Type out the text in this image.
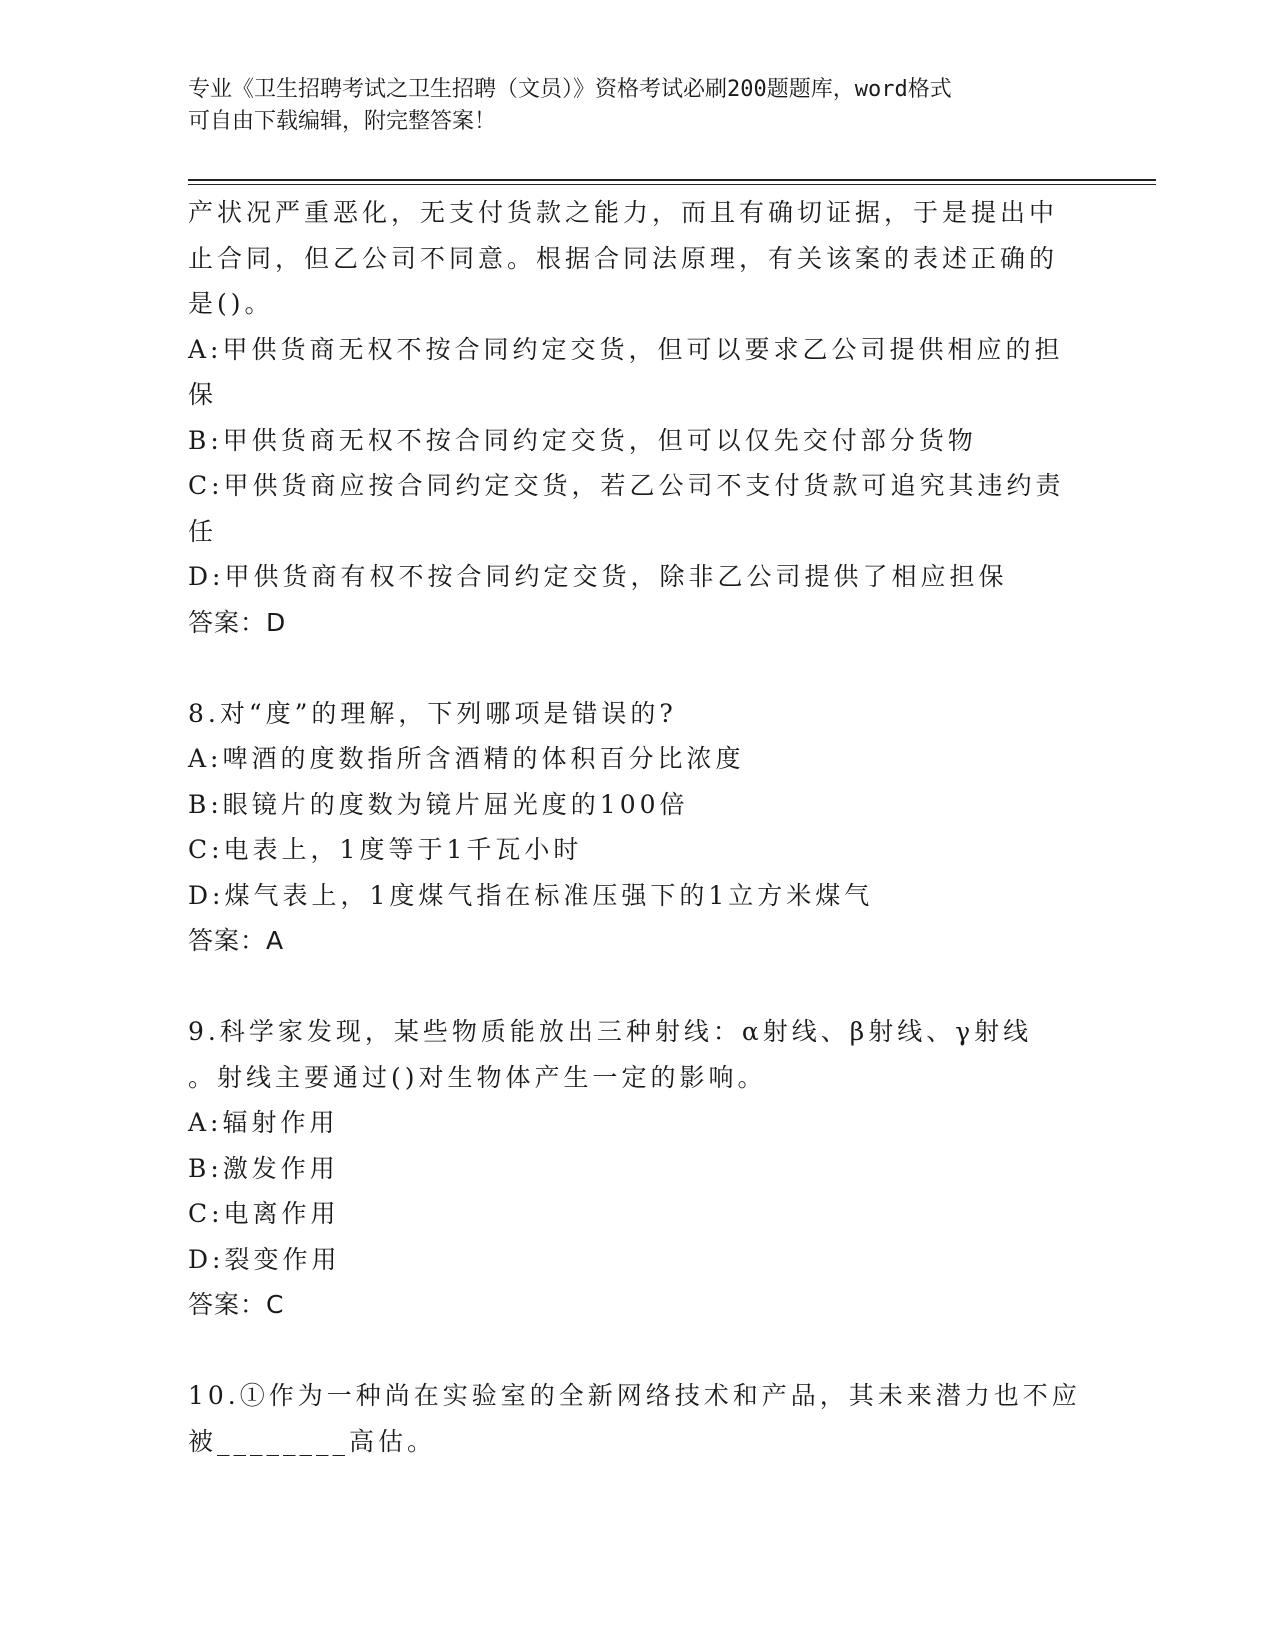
专业《卫生招聘考试之卫生招聘（文员）》资格考试必刷200题题库，word格式
可自由下载编辑，附完整答案！
产状况严重恶化，无支付货款之能力，而且有确切证据，于是提出中
止合同，但乙公司不同意。根据合同法原理，有关该案的表述正确的
是()。
A:甲供货商无权不按合同约定交货，但可以要求乙公司提供相应的担
保
B:甲供货商无权不按合同约定交货，但可以仅先交付部分货物
C:甲供货商应按合同约定交货，若乙公司不支付货款可追究其违约责
任
D:甲供货商有权不按合同约定交货，除非乙公司提供了相应担保
答案：D
8.对“度”的理解，下列哪项是错误的?
A:啤酒的度数指所含酒精的体积百分比浓度
B:眼镜片的度数为镜片屈光度的100倍
C:电表上，1度等于1千瓦小时
D:煤气表上，1度煤气指在标准压强下的1立方米煤气
答案：A
9.科学家发现，某些物质能放出三种射线：α射线、β射线、γ射线
。射线主要通过()对生物体产生一定的影响。
A:辐射作用
B:激发作用
C:电离作用
D:裂变作用
答案：C
10.①作为一种尚在实验室的全新网络技术和产品，其未来潜力也不应
被________高估。
